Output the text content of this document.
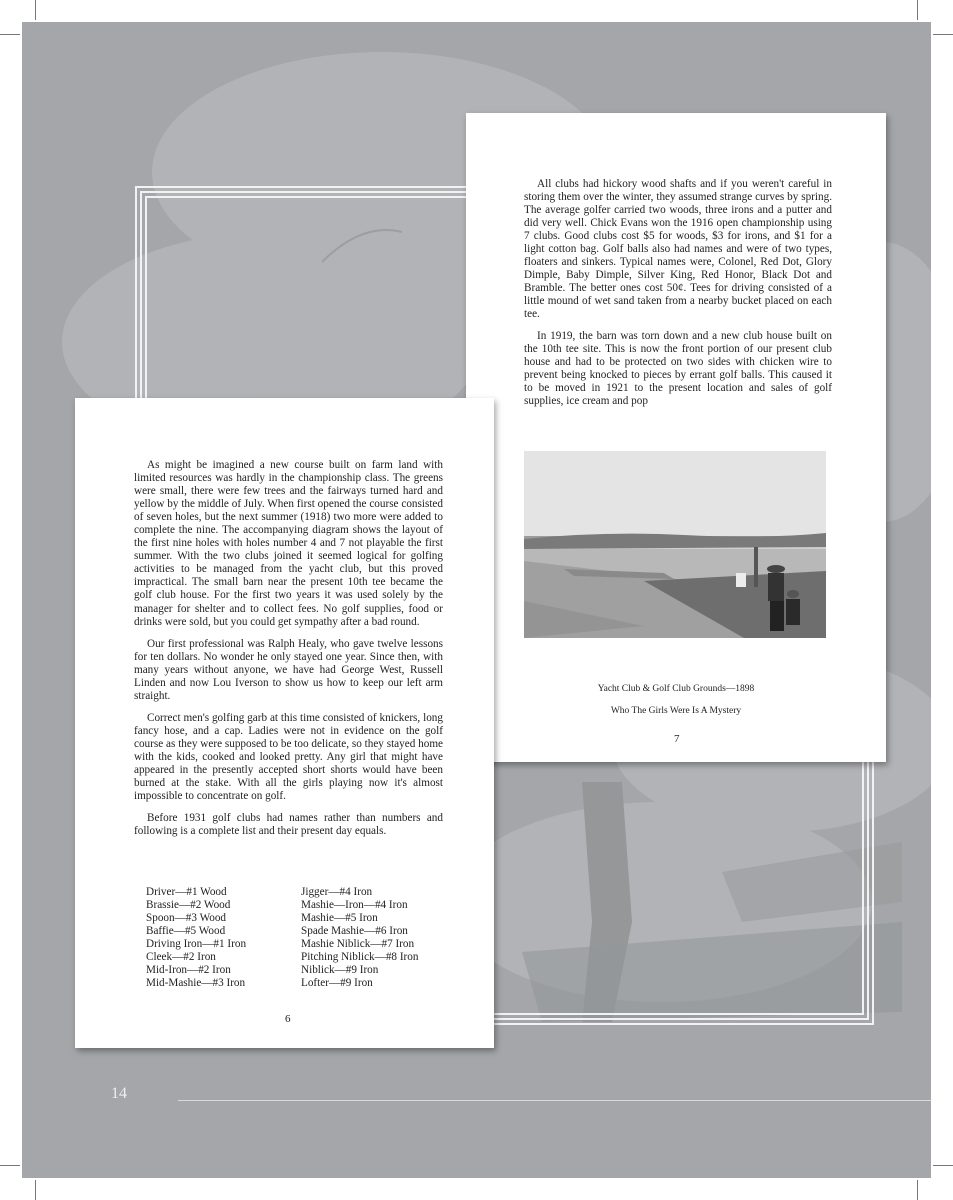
All clubs had hickory wood shafts and if you weren't careful in storing them over the winter, they assumed strange curves by spring. The average golfer carried two woods, three irons and a putter and did very well. Chick Evans won the 1916 open championship using 7 clubs. Good clubs cost $5 for woods, $3 for irons, and $1 for a light cotton bag. Golf balls also had names and were of two types, floaters and sinkers. Typical names were, Colonel, Red Dot, Glory Dimple, Baby Dimple, Silver King, Red Honor, Black Dot and Bramble. The better ones cost 50¢. Tees for driving consisted of a little mound of wet sand taken from a nearby bucket placed on each tee.

In 1919, the barn was torn down and a new club house built on the 10th tee site. This is now the front portion of our present club house and had to be protected on two sides with chicken wire to prevent being knocked to pieces by errant golf balls. This caused it to be moved in 1921 to the present location and sales of golf supplies, ice cream and pop

Yacht Club & Golf Club Grounds—1898
Who The Girls Were Is A Mystery
7

As might be imagined a new course built on farm land with limited resources was hardly in the championship class. The greens were small, there were few trees and the fairways turned hard and yellow by the middle of July. When first opened the course consisted of seven holes, but the next summer (1918) two more were added to complete the nine. The accompanying diagram shows the layout of the first nine holes with holes number 4 and 7 not playable the first summer. With the two clubs joined it seemed logical for golfing activities to be managed from the yacht club, but this proved impractical. The small barn near the present 10th tee became the golf club house. For the first two years it was used solely by the manager for shelter and to collect fees. No golf supplies, food or drinks were sold, but you could get sympathy after a bad round.

Our first professional was Ralph Healy, who gave twelve lessons for ten dollars. No wonder he only stayed one year. Since then, with many years without anyone, we have had George West, Russell Linden and now Lou Iverson to show us how to keep our left arm straight.

Correct men's golfing garb at this time consisted of knickers, long fancy hose, and a cap. Ladies were not in evidence on the golf course as they were supposed to be too delicate, so they stayed home with the kids, cooked and looked pretty. Any girl that might have appeared in the presently accepted short shorts would have been burned at the stake. With all the girls playing now it's almost impossible to concentrate on golf.

Before 1931 golf clubs had names rather than numbers and following is a complete list and their present day equals.

Driver—#1 Wood
Brassie—#2 Wood
Spoon—#3 Wood
Baffie—#5 Wood
Driving Iron—#1 Iron
Cleek—#2 Iron
Mid-Iron—#2 Iron
Mid-Mashie—#3 Iron
Jigger—#4 Iron
Mashie—Iron—#4 Iron
Mashie—#5 Iron
Spade Mashie—#6 Iron
Mashie Niblick—#7 Iron
Pitching Niblick—#8 Iron
Niblick—#9 Iron
Lofter—#9 Iron
6
14
